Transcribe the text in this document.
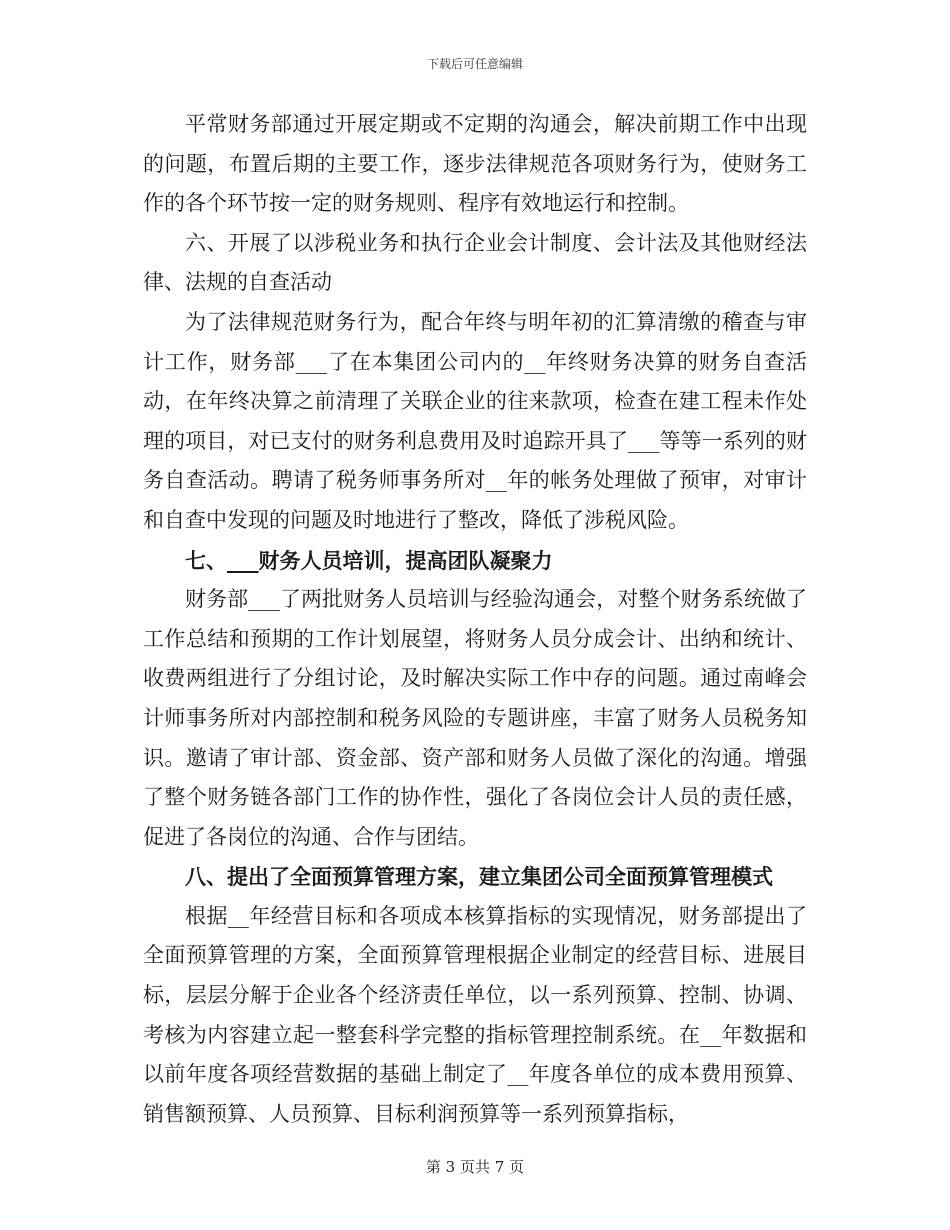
下载后可任意编辑

平常财务部通过开展定期或不定期的沟通会，解决前期工作中出现的问题，布置后期的主要工作，逐步法律规范各项财务行为，使财务工作的各个环节按一定的财务规则、程序有效地运行和控制。

六、开展了以涉税业务和执行企业会计制度、会计法及其他财经法律、法规的自查活动

为了法律规范财务行为，配合年终与明年初的汇算清缴的稽查与审计工作，财务部___了在本集团公司内的__年终财务决算的财务自查活动，在年终决算之前清理了关联企业的往来款项，检查在建工程未作处理的项目，对已支付的财务利息费用及时追踪开具了___等等一系列的财务自查活动。聘请了税务师事务所对__年的帐务处理做了预审，对审计和自查中发现的问题及时地进行了整改，降低了涉税风险。

七、___财务人员培训，提高团队凝聚力

财务部___了两批财务人员培训与经验沟通会，对整个财务系统做了工作总结和预期的工作计划展望，将财务人员分成会计、出纳和统计、收费两组进行了分组讨论，及时解决实际工作中存的问题。通过南峰会计师事务所对内部控制和税务风险的专题讲座，丰富了财务人员税务知识。邀请了审计部、资金部、资产部和财务人员做了深化的沟通。增强了整个财务链各部门工作的协作性，强化了各岗位会计人员的责任感，促进了各岗位的沟通、合作与团结。

八、提出了全面预算管理方案，建立集团公司全面预算管理模式

根据__年经营目标和各项成本核算指标的实现情况，财务部提出了全面预算管理的方案，全面预算管理根据企业制定的经营目标、进展目标，层层分解于企业各个经济责任单位，以一系列预算、控制、协调、考核为内容建立起一整套科学完整的指标管理控制系统。在__年数据和以前年度各项经营数据的基础上制定了__年度各单位的成本费用预算、销售额预算、人员预算、目标利润预算等一系列预算指标，

第 3 页共 7 页
